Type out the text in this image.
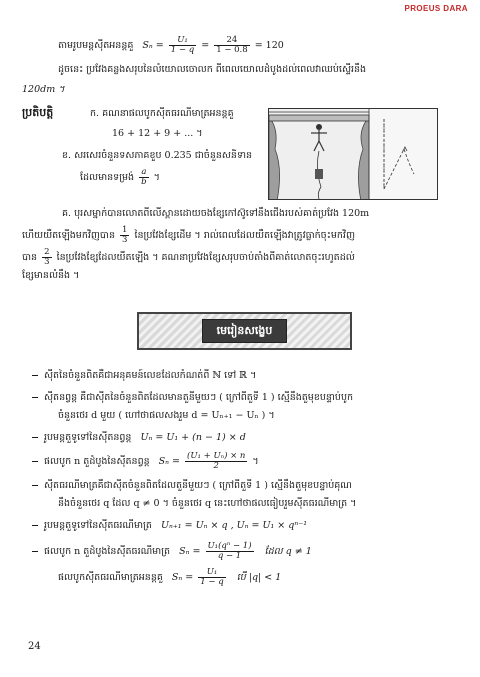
PROEUS DARA
តាមរូបមន្តស៊ីតអនន្តគួ $S_n = \frac{\text{U₁}}{1 - q} = \frac{24}{1 - 0.8} = 120$
ដូចនេះ ប្រវែងគន្លងសរុបនៃលំយោលចោលក ពីពេលយោលដំបូងដល់ពេលវាឈប់ស្ទើរនឹង
120dm ។
ប្រតិបត្តិ	ក. គណនាផលបូកស៊ីតធរណីមាត្រអនន្តគួ
16 + 12 + 9 + ... ។
ខ. សរសេរចំនួនទសភាគខួប 0.235 ជាចំនួនសនិទាន
ដែលមានទម្រង់ $\frac{a}{b}$ ។
គ. បុរសម្នាក់បានលោតពីលើស្ពានដោយចងខ្សែកៅស៊ូទៅនឹងជើងរបស់គាត់ប្រវែង 120m
ហើយយឺតឡើងមកវិញបាន $\frac{1}{3}$ នៃប្រវែងខ្សែដើម ។ រាល់ពេលដែលយឺតឡើងវាត្រូវធ្លាក់ចុះមកវិញ
បាន $\frac{2}{3}$ នៃប្រវែងខ្សែដែលយឺតឡើង ។ គណនាប្រវែងខ្សែសរុបចាប់តាំងពីគាត់លោតចុះរហូតដល់
ខ្សែមានលំនឹង ។
មេរៀនសង្ខេប
ស៊ីតនៃចំនួនពិតគឺជាអនុគមន៍លេខដែលកំណត់ពី ℕ ទៅ ℝ ។
ស៊ីតនព្វន្ត គឺជាស៊ីតនៃចំនួនពិតដែលមានតួនីមួយៗ ( ក្រៅពីតួទី 1 ) ស្មើនឹងតួមុខបន្ទាប់បូក
ចំនួនថេរ d មួយ ( ហៅថាផលសងរួម d = Uₙ₊₁ − Uₙ ) ។
រូបមន្តតួទូទៅនៃស៊ីតនព្វន្ត Uₙ = U₁ + (n − 1) × d
ផលបូក n តួដំបូងនៃស៊ីតនព្វន្ត $S_n = \frac{\text{(U₁ + Uₙ) × n}}{2}$ ។
ស៊ីតធរណីមាត្រគឺជាស៊ីតចំនួនពិតដែលតួនីមួយៗ ( ក្រៅពីតួទី 1 ) ស្មើនឹងតួមុខបន្ទាប់គុណ
នឹងចំនួនថេរ q ដែល q ≠ 0 ។ ចំនួនថេរ q នេះហៅថាផលធៀបរួមស៊ីតធរណីមាត្រ ។
រូបមន្តតួទូទៅនៃស៊ីតធរណីមាត្រ Uₙ₊₁ = Uₙ × q , Uₙ = U₁ × qⁿ⁻¹
ផលបូក n តួដំបូងនៃស៊ីតធរណីមាត្រ $S_n = \frac{\text{U₁(qⁿ − 1)}}{q - 1}$ ដែល q ≠ 1
ផលបូកស៊ីតធរណីមាត្រអនន្តគួ $S_n = \frac{\text{U₁}}{1 - q}$ បើ |q| < 1
24
